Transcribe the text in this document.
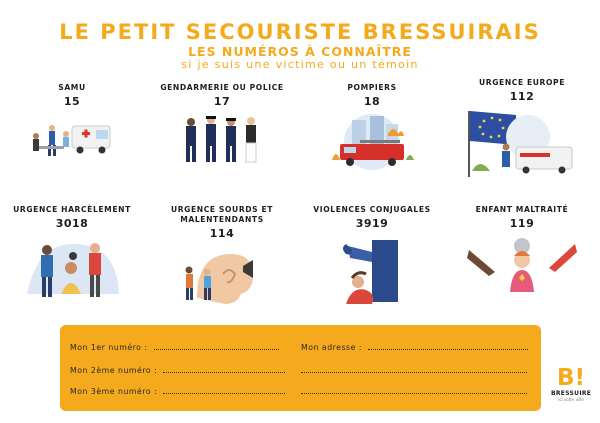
LE PETIT SECOURISTE BRESSUIRAIS
LES NUMÉROS À CONNAÎTRE
si je suis une victime ou un témoin
SAMU
15
GENDARMERIE OU POLICE
17
POMPIERS
18
URGENCE EUROPE
112
URGENCE HARCÈLEMENT
3018
URGENCE SOURDS ET MALENTENDANTS
114
VIOLENCES CONJUGALES
3919
ENFANT MALTRAITÉ
119
Mon 1er numéro :
Mon 2ème numéro :
Mon 3ème numéro :
Mon adresse :
B!
BRESSUIRE
ici votre ville
